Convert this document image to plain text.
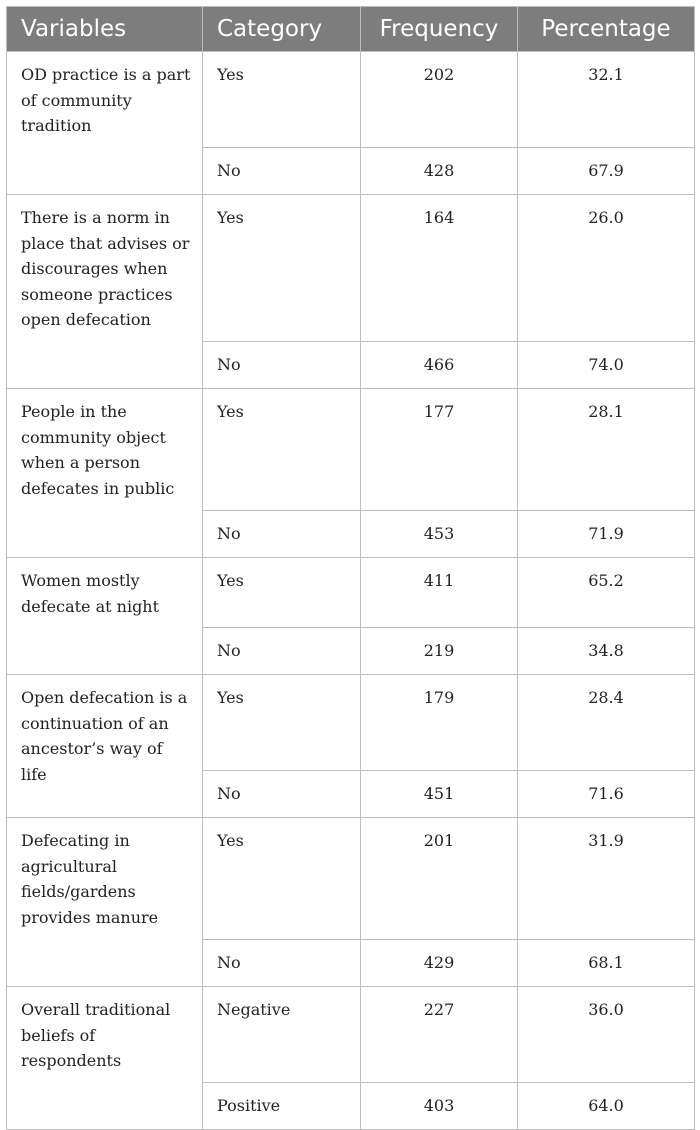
Variables	Category	Frequency	Percentage
OD practice is a part of community tradition	Yes	202	32.1
	No	428	67.9
There is a norm in place that advises or discourages when someone practices open defecation	Yes	164	26.0
	No	466	74.0
People in the community object when a person defecates in public	Yes	177	28.1
	No	453	71.9
Women mostly defecate at night	Yes	411	65.2
	No	219	34.8
Open defecation is a continuation of an ancestor’s way of life	Yes	179	28.4
	No	451	71.6
Defecating in agricultural fields/gardens provides manure	Yes	201	31.9
	No	429	68.1
Overall traditional beliefs of respondents	Negative	227	36.0
	Positive	403	64.0
